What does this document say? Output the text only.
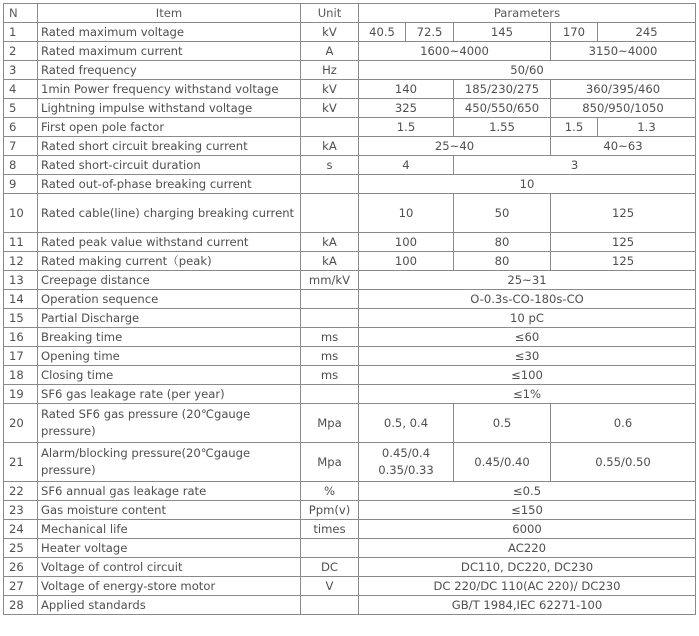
N	Item	Unit	Parameters				
1	Rated maximum voltage	kV	40.5	72.5	145	170	245
2	Rated maximum current	A	1600~4000			3150~4000	
3	Rated frequency	Hz	50/60				
4	1min Power frequency withstand voltage	kV	140		185/230/275	360/395/460	
5	Lightning impulse withstand voltage	kV	325		450/550/650	850/950/1050	
6	First open pole factor		1.5		1.55	1.5	1.3
7	Rated short circuit breaking current	kA	25~40			40~63	
8	Rated short-circuit duration	s	4		3		
9	Rated out-of-phase breaking current		10				
10	Rated cable(line) charging breaking current		10		50	125	
11	Rated peak value withstand current	kA	100		80	125	
12	Rated making current（peak)	kA	100		80	125	
13	Creepage distance	mm/kV	25~31				
14	Operation sequence		O-0.3s-CO-180s-CO				
15	Partial Discharge		10 pC				
16	Breaking time	ms	≤60				
17	Opening time	ms	≤30				
18	Closing time	ms	≤100				
19	SF6 gas leakage rate (per year)		≤1%				
20	Rated SF6 gas pressure (20℃gauge pressure)	Mpa	0.5, 0.4		0.5	0.6	
21	Alarm/blocking pressure(20℃gauge pressure)	Mpa	0.45/0.4 0.35/0.33		0.45/0.40	0.55/0.50	
22	SF6 annual gas leakage rate	%	≤0.5				
23	Gas moisture content	Ppm(v)	≤150				
24	Mechanical life	times	6000				
25	Heater voltage		AC220				
26	Voltage of control circuit	DC	DC110, DC220, DC230				
27	Voltage of energy-store motor	V	DC 220/DC 110(AC 220)/ DC230				
28	Applied standards		GB/T 1984,IEC 62271-100				
